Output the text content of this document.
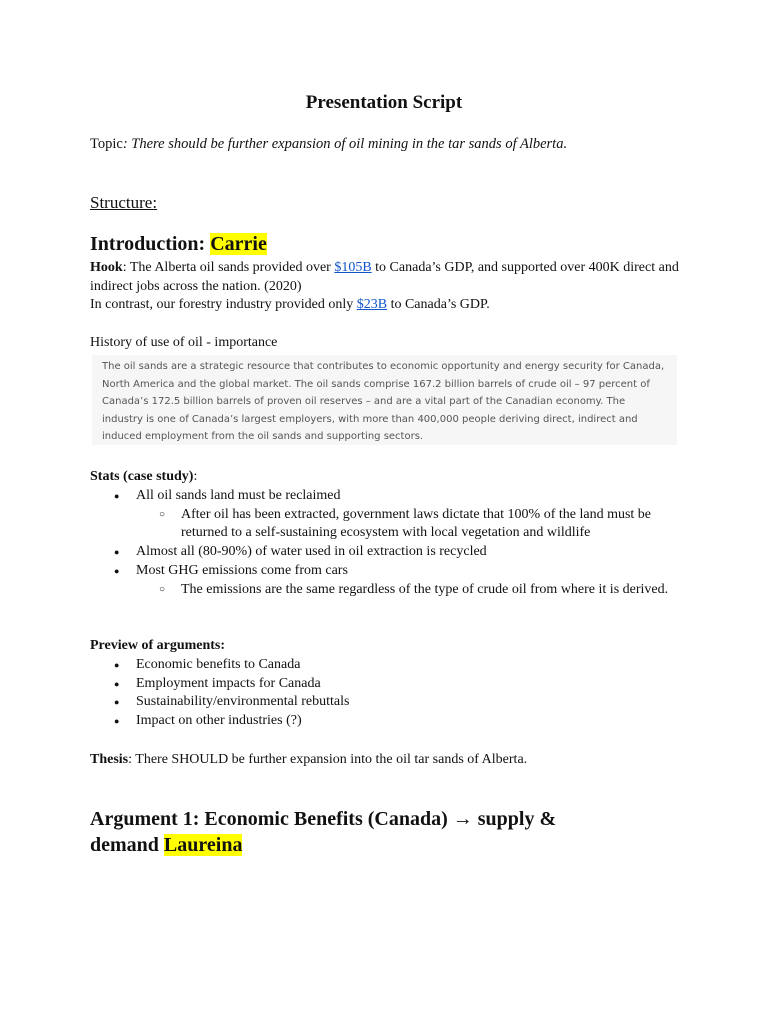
Presentation Script
Topic: There should be further expansion of oil mining in the tar sands of Alberta.
Structure:
Introduction: Carrie
Hook: The Alberta oil sands provided over $105B to Canada’s GDP, and supported over 400K direct and indirect jobs across the nation. (2020)
In contrast, our forestry industry provided only $23B to Canada’s GDP.
History of use of oil - importance
The oil sands are a strategic resource that contributes to economic opportunity and energy security for Canada, North America and the global market. The oil sands comprise 167.2 billion barrels of crude oil – 97 percent of Canada’s 172.5 billion barrels of proven oil reserves – and are a vital part of the Canadian economy. The industry is one of Canada’s largest employers, with more than 400,000 people deriving direct, indirect and induced employment from the oil sands and supporting sectors.
Stats (case study):
● All oil sands land must be reclaimed
○ After oil has been extracted, government laws dictate that 100% of the land must be returned to a self-sustaining ecosystem with local vegetation and wildlife
● Almost all (80-90%) of water used in oil extraction is recycled
● Most GHG emissions come from cars
○ The emissions are the same regardless of the type of crude oil from where it is derived.
Preview of arguments:
● Economic benefits to Canada
● Employment impacts for Canada
● Sustainability/environmental rebuttals
● Impact on other industries (?)
Thesis: There SHOULD be further expansion into the oil tar sands of Alberta.
Argument 1: Economic Benefits (Canada) → supply &
demand Laureina
